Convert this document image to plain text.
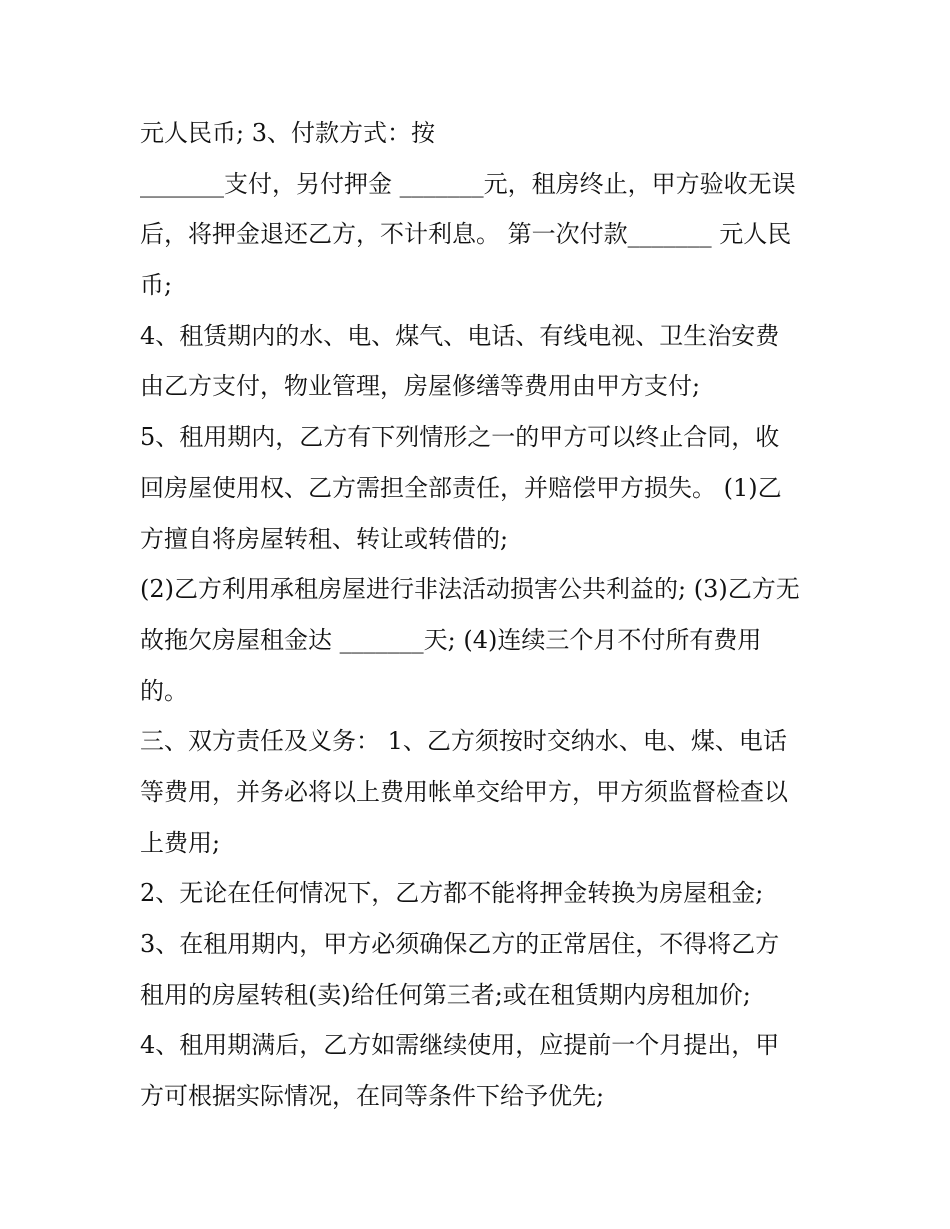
元人民币; 3、付款方式：按
_______支付，另付押金 _______元，租房终止，甲方验收无误
后，将押金退还乙方，不计利息。 第一次付款_______ 元人民
币;
4、租赁期内的水、电、煤气、电话、有线电视、卫生治安费
由乙方支付，物业管理，房屋修缮等费用由甲方支付;
5、租用期内，乙方有下列情形之一的甲方可以终止合同，收
回房屋使用权、乙方需担全部责任，并赔偿甲方损失。 (1)乙
方擅自将房屋转租、转让或转借的;
(2)乙方利用承租房屋进行非法活动损害公共利益的; (3)乙方无
故拖欠房屋租金达 _______天; (4)连续三个月不付所有费用
的。
三、双方责任及义务： 1、乙方须按时交纳水、电、煤、电话
等费用，并务必将以上费用帐单交给甲方，甲方须监督检查以
上费用;
2、无论在任何情况下，乙方都不能将押金转换为房屋租金;
3、在租用期内，甲方必须确保乙方的正常居住，不得将乙方
租用的房屋转租(卖)给任何第三者;或在租赁期内房租加价;
4、租用期满后，乙方如需继续使用，应提前一个月提出，甲
方可根据实际情况，在同等条件下给予优先;
